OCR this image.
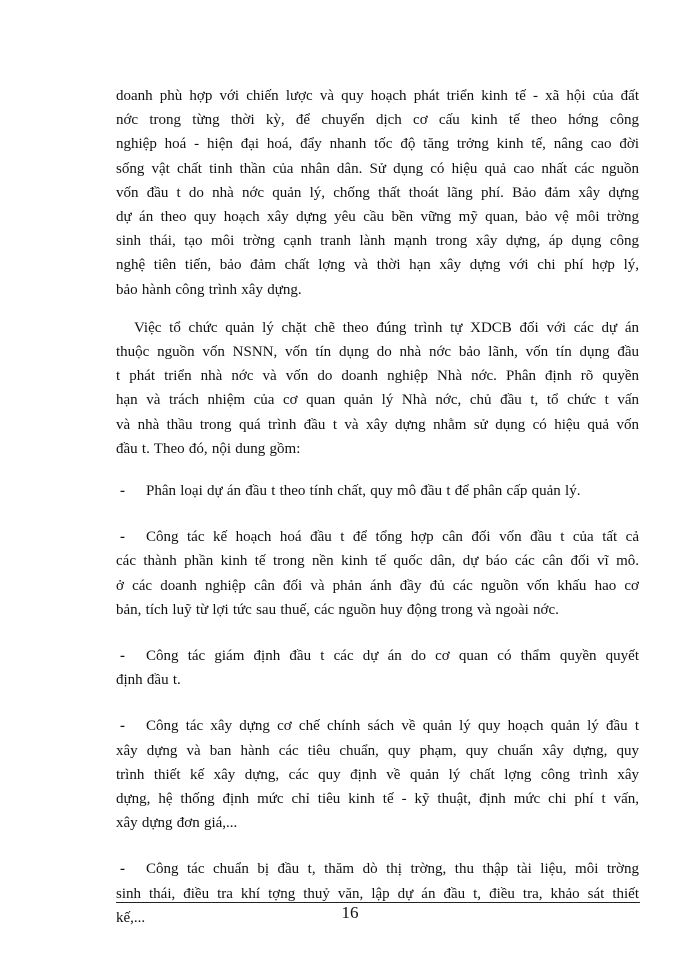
doanh phù hợp với chiến lược và quy hoạch phát triển kinh tế - xã hội của đất
nớc trong từng thời kỳ, để chuyển dịch cơ cấu kinh tế theo hớng công
nghiệp hoá - hiện đại hoá, đẩy nhanh tốc độ tăng trởng kinh tế, nâng cao đời
sống vật chất tinh thần của nhân dân. Sử dụng có hiệu quả cao nhất các nguồn
vốn đầu t do nhà nớc quản lý, chống thất thoát lãng phí. Bảo đảm xây dựng
dự án theo quy hoạch xây dựng yêu cầu bền vững mỹ quan, bảo vệ môi trờng
sinh thái, tạo môi trờng cạnh tranh lành mạnh trong xây dựng, áp dụng công
nghệ tiên tiến, bảo đảm chất lợng và thời hạn xây dựng với chi phí hợp lý,
bảo hành công trình xây dựng.

Việc tổ chức quản lý chặt chẽ theo đúng trình tự XDCB đối với các dự án
thuộc nguồn vốn NSNN, vốn tín dụng do nhà nớc bảo lãnh, vốn tín dụng đầu
t phát triển nhà nớc và vốn do doanh nghiệp Nhà nớc. Phân định rõ quyền
hạn và trách nhiệm của cơ quan quản lý Nhà nớc, chủ đầu t, tổ chức t vấn
và nhà thầu trong quá trình đầu t và xây dựng nhằm sử dụng có hiệu quả vốn
đầu t. Theo đó, nội dung gồm:

- Phân loại dự án đầu t theo tính chất, quy mô đầu t để phân cấp quản lý.

- Công tác kế hoạch hoá đầu t để tổng hợp cân đối vốn đầu t của tất cả
các thành phần kinh tế trong nền kinh tế quốc dân, dự báo các cân đối vĩ mô.
ở các doanh nghiệp cân đối và phản ánh đầy đủ các nguồn vốn khấu hao cơ
bản, tích luỹ từ lợi tức sau thuế, các nguồn huy động trong và ngoài nớc.

- Công tác giám định đầu t các dự án do cơ quan có thẩm quyền quyết
định đầu t.

- Công tác xây dựng cơ chế chính sách về quản lý quy hoạch quản lý đầu t
xây dựng và ban hành các tiêu chuẩn, quy phạm, quy chuẩn xây dựng, quy
trình thiết kế xây dựng, các quy định về quản lý chất lợng công trình xây
dựng, hệ thống định mức chỉ tiêu kinh tế - kỹ thuật, định mức chi phí t vấn,
xây dựng đơn giá,...

- Công tác chuẩn bị đầu t, thăm dò thị trờng, thu thập tài liệu, môi trờng
sinh thái, điều tra khí tợng thuỷ văn, lập dự án đầu t, điều tra, khảo sát thiết
kế,...	16
